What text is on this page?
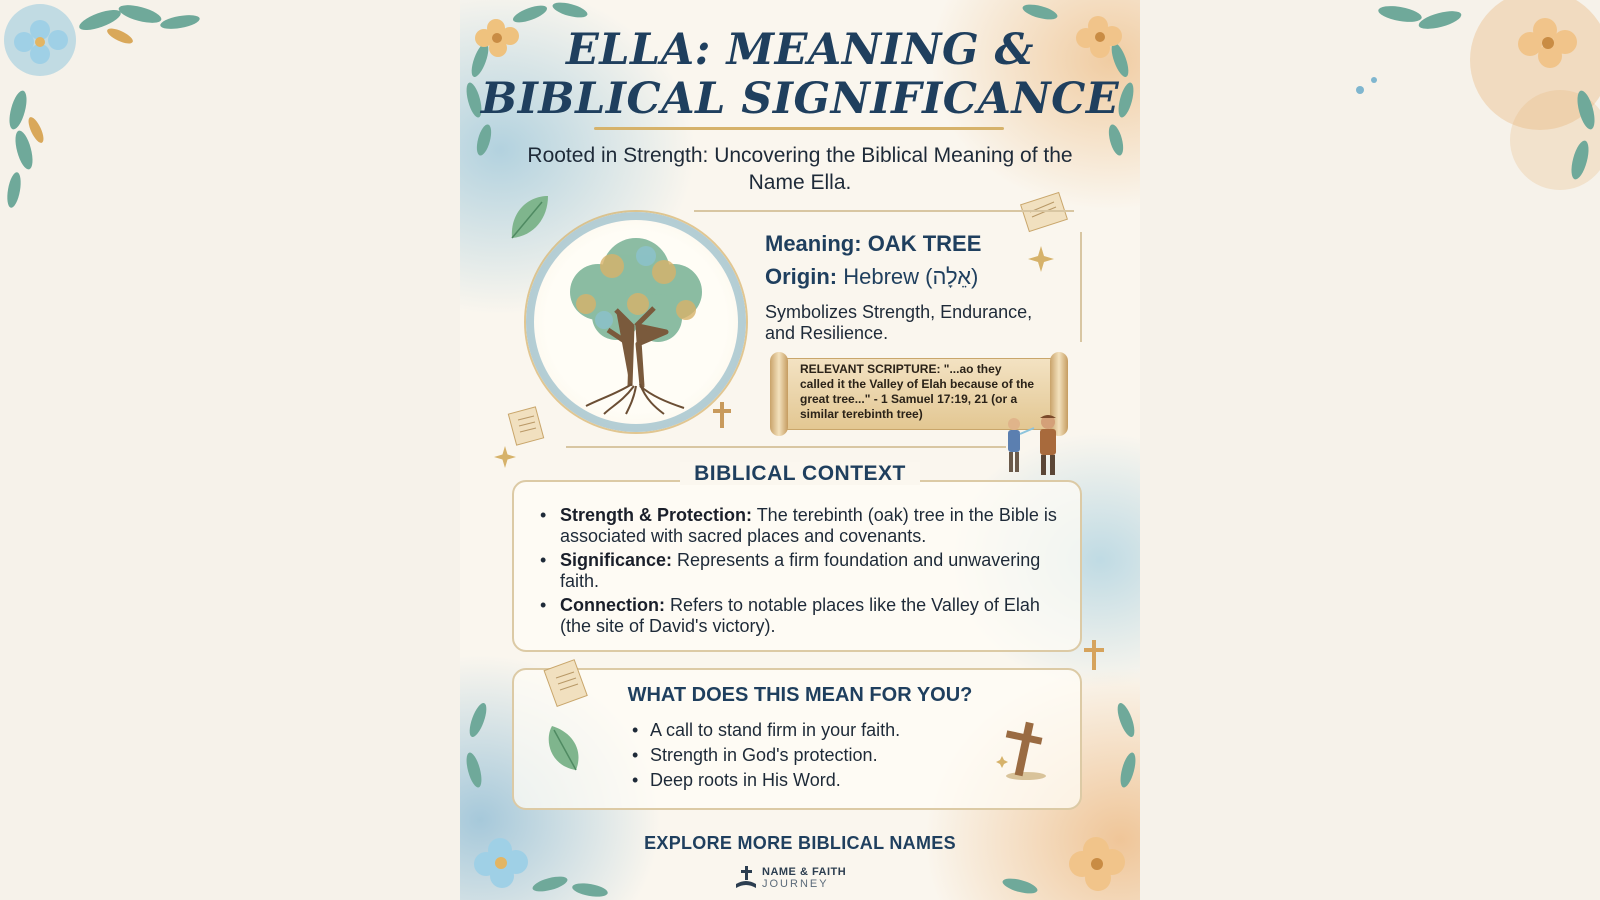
ELLA: MEANING &
BIBLICAL SIGNIFICANCE
Rooted in Strength: Uncovering the Biblical Meaning of the Name Ella.
Meaning: OAK TREE
Origin: Hebrew (אֵלָה)
Symbolizes Strength, Endurance, and Resilience.
RELEVANT SCRIPTURE: "...ao they called it the Valley of Elah because of the great tree..." - 1 Samuel 17:19, 21 (or a similar terebinth tree)
BIBLICAL CONTEXT
• Strength & Protection: The terebinth (oak) tree in the Bible is associated with sacred places and covenants.
• Significance: Represents a firm foundation and unwavering faith.
• Connection: Refers to notable places like the Valley of Elah (the site of David's victory).
WHAT DOES THIS MEAN FOR YOU?
• A call to stand firm in your faith.
• Strength in God's protection.
• Deep roots in His Word.
EXPLORE MORE BIBLICAL NAMES
NAME & FAITH
JOURNEY
